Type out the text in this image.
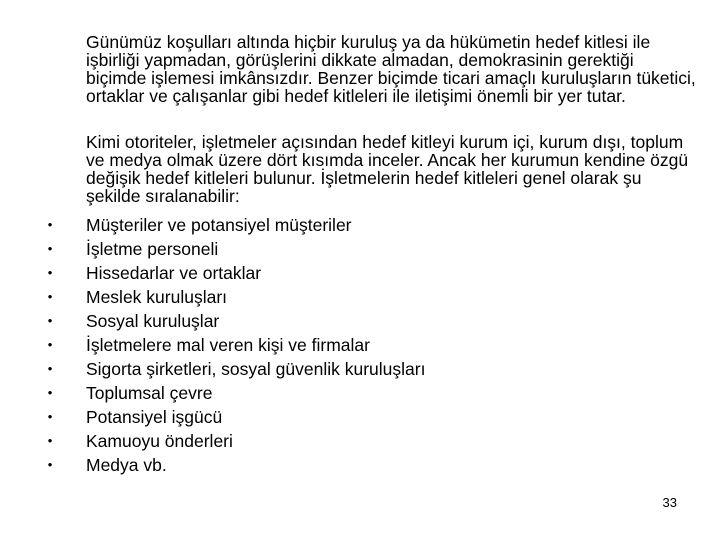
Günümüz koşulları altında hiçbir kuruluş ya da hükümetin hedef kitlesi ile işbirliği yapmadan, görüşlerini dikkate almadan, demokrasinin gerektiği biçimde işlemesi imkânsızdır. Benzer biçimde ticari amaçlı kuruluşların tüketici, ortaklar ve çalışanlar gibi hedef kitleleri ile iletişimi önemli bir yer tutar.

Kimi otoriteler, işletmeler açısından hedef kitleyi kurum içi, kurum dışı, toplum ve medya olmak üzere dört kısımda inceler. Ancak her kurumun kendine özgü değişik hedef kitleleri bulunur. İşletmelerin hedef kitleleri genel olarak şu şekilde sıralanabilir:

• Müşteriler ve potansiyel müşteriler
• İşletme personeli
• Hissedarlar ve ortaklar
• Meslek kuruluşları
• Sosyal kuruluşlar
• İşletmelere mal veren kişi ve firmalar
• Sigorta şirketleri, sosyal güvenlik kuruluşları
• Toplumsal çevre
• Potansiyel işgücü
• Kamuoyu önderleri
• Medya vb.
33
